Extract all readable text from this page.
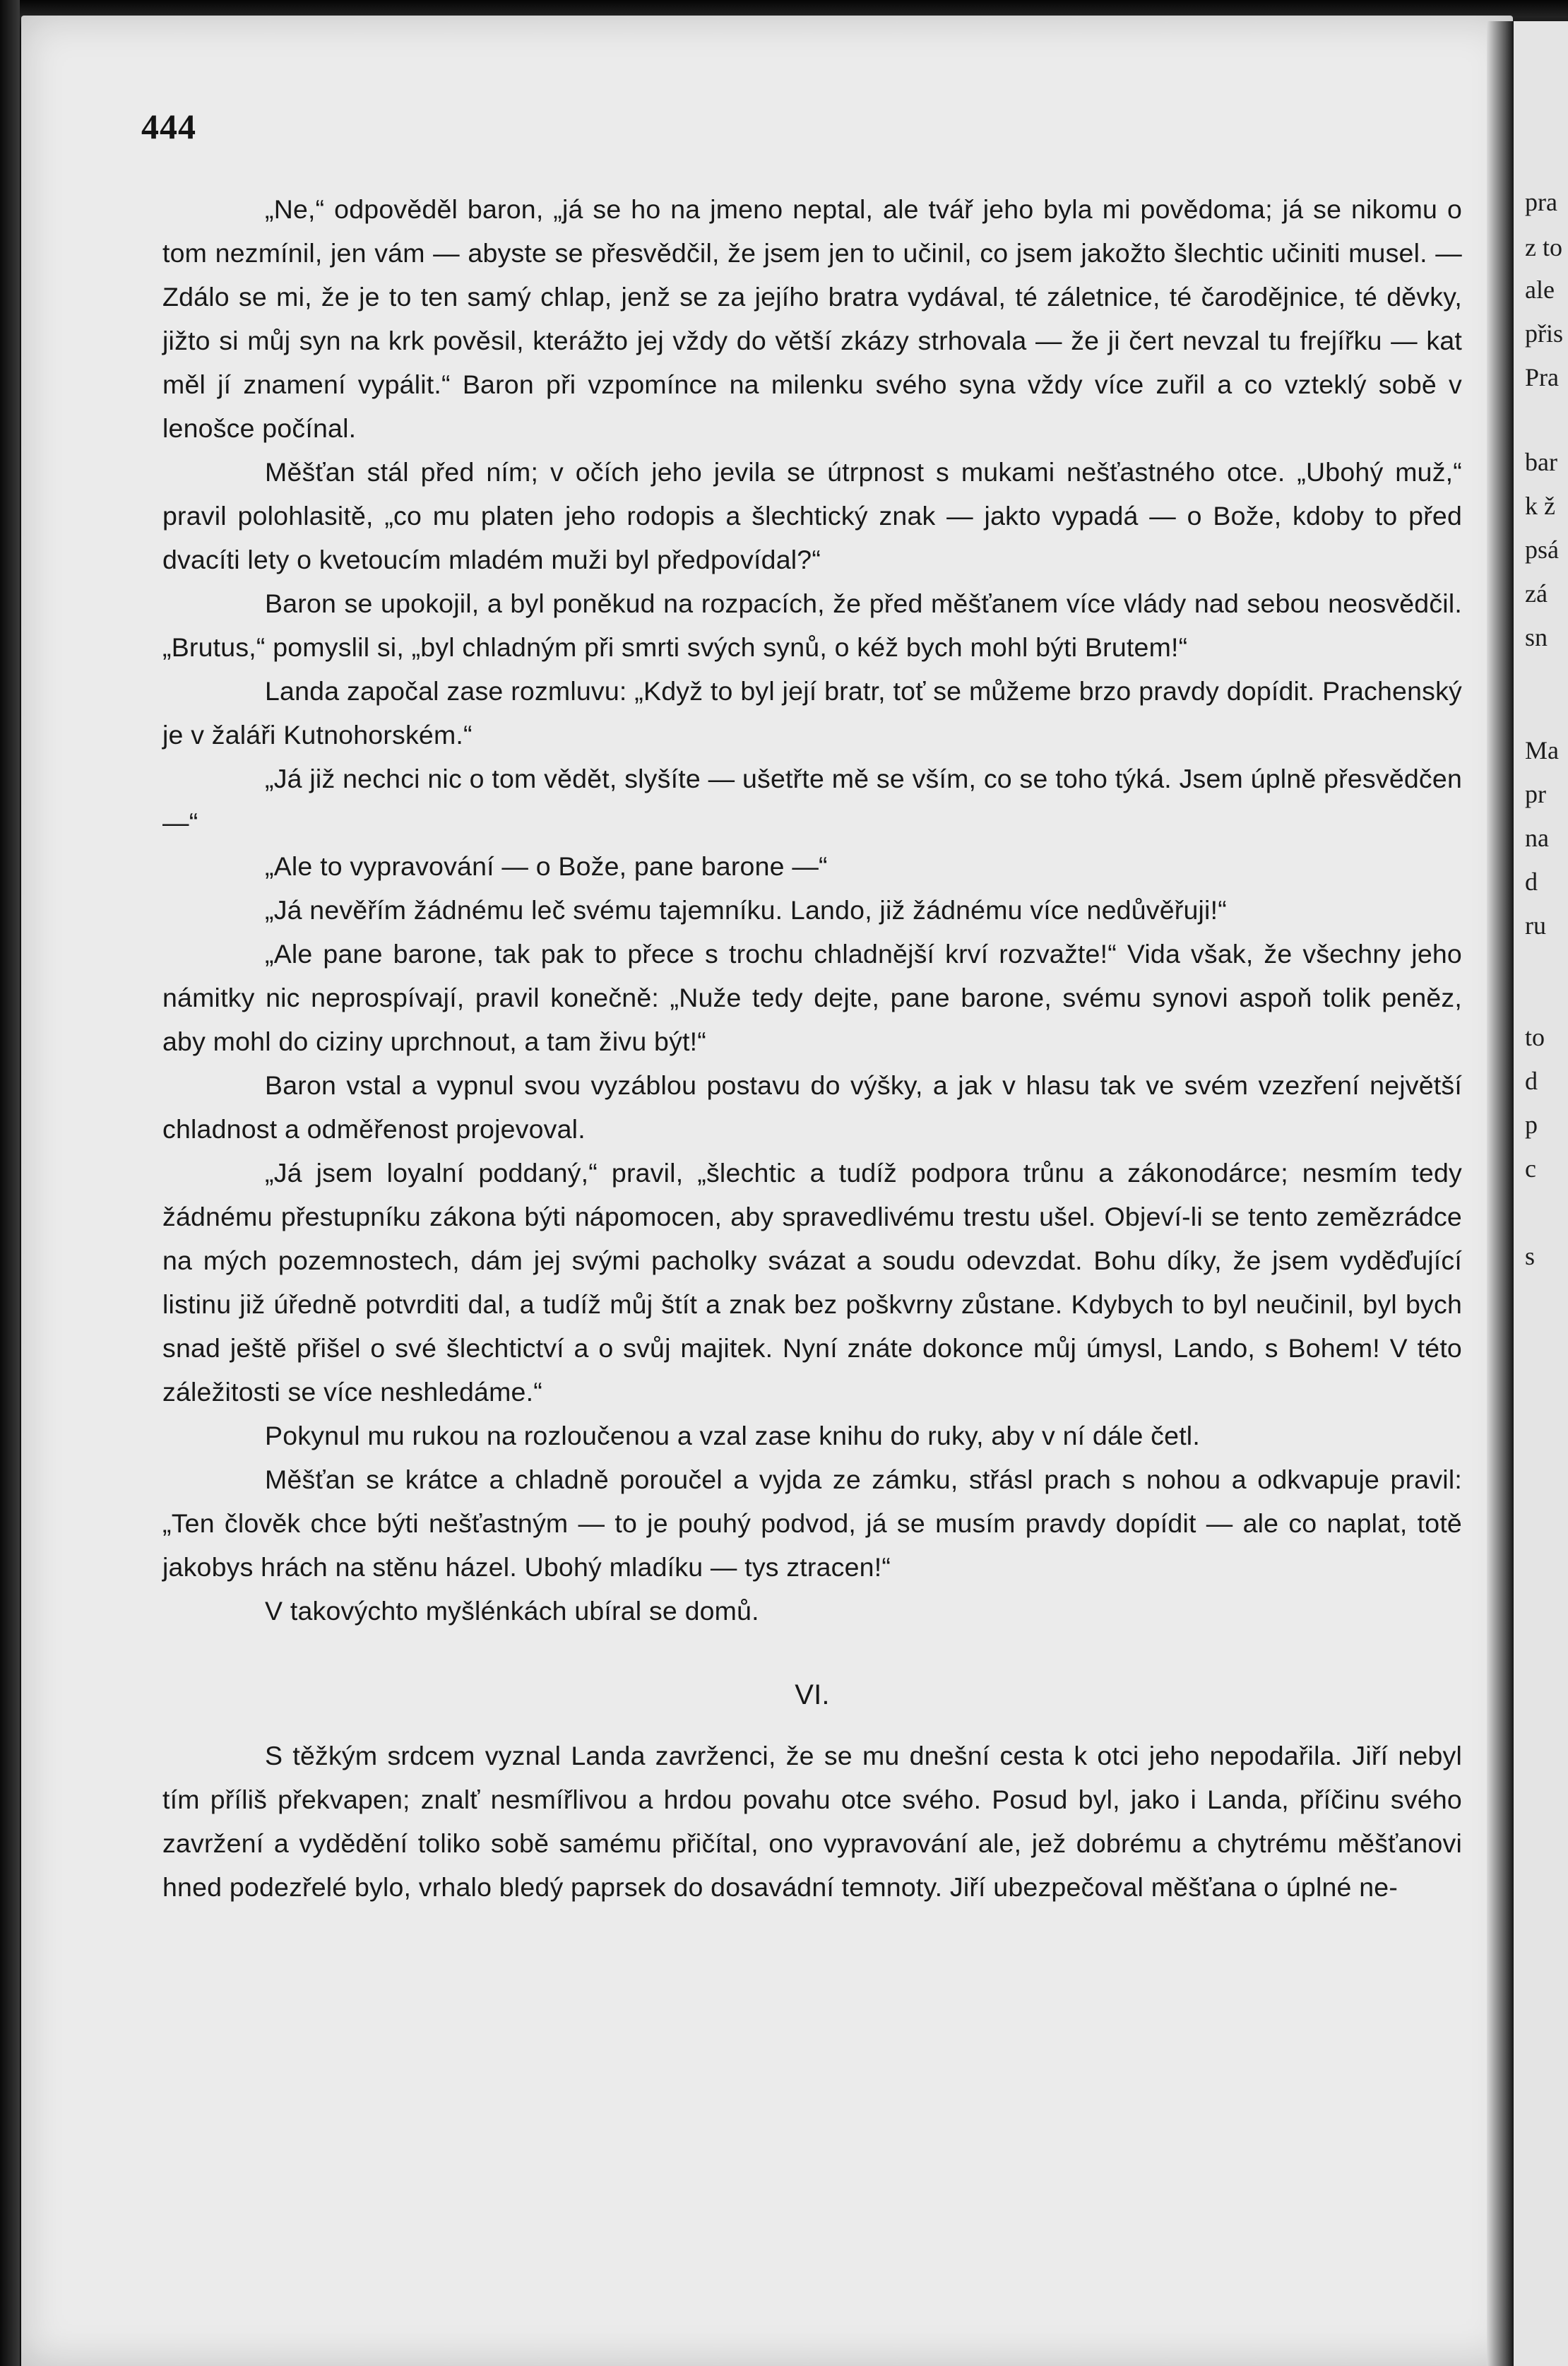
444

„Ne,“ odpověděl baron, „já se ho na jmeno neptal, ale tvář jeho byla mi povědoma; já se nikomu o tom nezmínil, jen vám — abyste se přesvědčil, že jsem jen to učinil, co jsem jakožto šlechtic učiniti musel. — Zdálo se mi, že je to ten samý chlap, jenž se za jejího bratra vydával, té záletnice, té čarodějnice, té děvky, jižto si můj syn na krk pověsil, kterážto jej vždy do větší zkázy strhovala — že ji čert nevzal tu frejířku — kat měl jí znamení vypálit.“ Baron při vzpomínce na milenku svého syna vždy více zuřil a co vzteklý sobě v lenošce počínal.

Měšťan stál před ním; v očích jeho jevila se útrpnost s mukami nešťastného otce. „Ubohý muž,“ pravil polohlasitě, „co mu platen jeho rodopis a šlechtický znak — jakto vypadá — o Bože, kdoby to před dvacíti lety o kvetoucím mladém muži byl předpovídal?“

Baron se upokojil, a byl poněkud na rozpacích, že před měšťanem více vlády nad sebou neosvědčil. „Brutus,“ pomyslil si, „byl chladným při smrti svých synů, o kéž bych mohl býti Brutem!“

Landa započal zase rozmluvu: „Když to byl její bratr, toť se můžeme brzo pravdy dopídit. Prachenský je v žaláři Kutnohorském.“

„Já již nechci nic o tom vědět, slyšíte — ušetřte mě se vším, co se toho týká. Jsem úplně přesvědčen —“

„Ale to vypravování — o Bože, pane barone —“

„Já nevěřím žádnému leč svému tajemníku. Lando, již žádnému více nedůvěřuji!“

„Ale pane barone, tak pak to přece s trochu chladnější krví rozvažte!“ Vida však, že všechny jeho námitky nic neprospívají, pravil konečně: „Nuže tedy dejte, pane barone, svému synovi aspoň tolik peněz, aby mohl do ciziny uprchnout, a tam živu být!“

Baron vstal a vypnul svou vyzáblou postavu do výšky, a jak v hlasu tak ve svém vzezření největší chladnost a odměřenost projevoval.

„Já jsem loyalní poddaný,“ pravil, „šlechtic a tudíž podpora trůnu a zákonodárce; nesmím tedy žádnému přestupníku zákona býti nápomocen, aby spravedlivému trestu ušel. Objeví-li se tento zemězrádce na mých pozemnostech, dám jej svými pacholky svázat a soudu odevzdat. Bohu díky, že jsem vyděďující listinu již úředně potvrditi dal, a tudíž můj štít a znak bez poškvrny zůstane. Kdybych to byl neučinil, byl bych snad ještě přišel o své šlechtictví a o svůj majitek. Nyní znáte dokonce můj úmysl, Lando, s Bohem! V této záležitosti se více neshledáme.“

Pokynul mu rukou na rozloučenou a vzal zase knihu do ruky, aby v ní dále četl.

Měšťan se krátce a chladně poroučel a vyjda ze zámku, střásl prach s nohou a odkvapuje pravil: „Ten člověk chce býti nešťastným — to je pouhý podvod, já se musím pravdy dopídit — ale co naplat, totě jakobys hrách na stěnu házel. Ubohý mladíku — tys ztracen!“

V takovýchto myšlénkách ubíral se domů.

VI.

S těžkým srdcem vyznal Landa zavrženci, že se mu dnešní cesta k otci jeho nepodařila. Jiří nebyl tím příliš překvapen; znalť nesmířlivou a hrdou povahu otce svého. Posud byl, jako i Landa, příčinu svého zavržení a vydědění toliko sobě samému přičítal, ono vypravování ale, jež dobrému a chytrému měšťanovi hned podezřelé bylo, vrhalo bledý paprsek do dosavádní temnoty. Jiří ubezpečoval měšťana o úplné ne-

pra
z to
ale
přis
Pra
bar
k ž
psá
zá
sn
Ma
pr
na
d
ru
to
d
p
c
s
